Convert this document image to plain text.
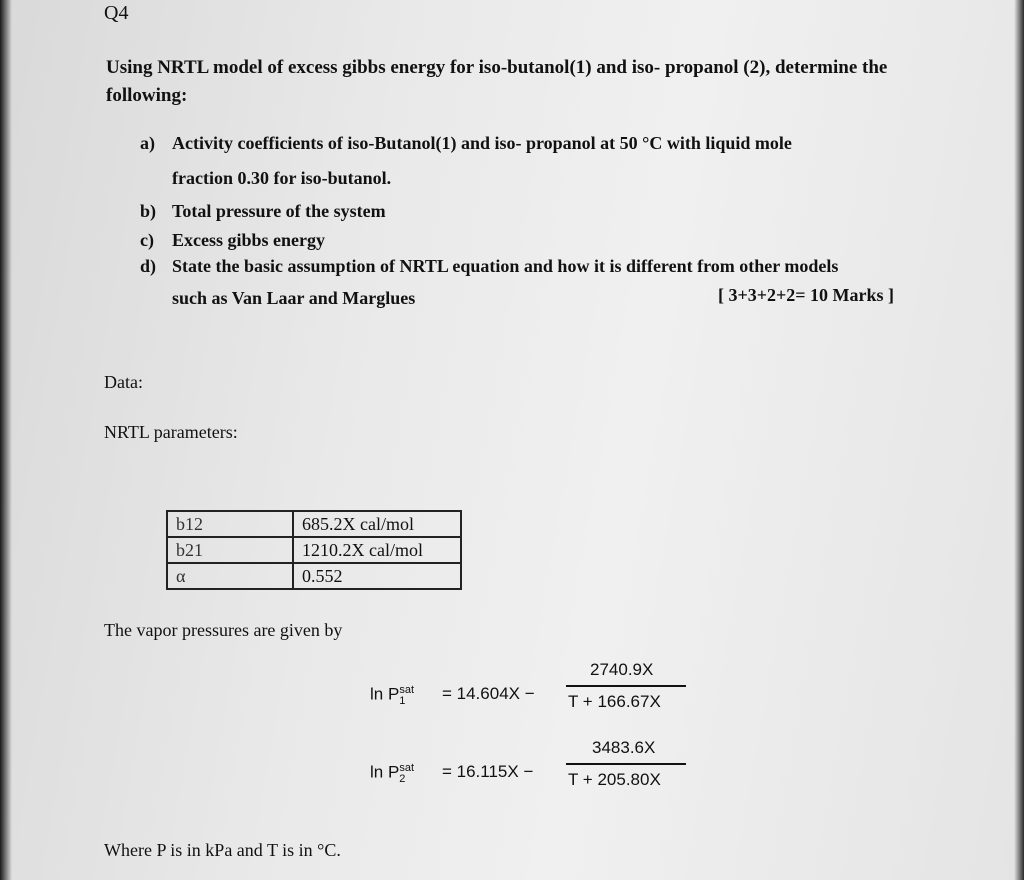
Q4
Using NRTL model of excess gibbs energy for iso-butanol(1) and iso- propanol (2), determine the following:
a) Activity coefficients of iso-Butanol(1) and iso- propanol at 50 °C with liquid mole
fraction 0.30 for iso-butanol.
b) Total pressure of the system
c) Excess gibbs energy
d) State the basic assumption of NRTL equation and how it is different from other models
such as Van Laar and Marglues	[ 3+3+2+2= 10 Marks ]
Data:
NRTL parameters:
b12	685.2X cal/mol
b21	1210.2X cal/mol
α	0.552
The vapor pressures are given by
$\ln P_1^{sat} = 14.604X$ −
2740.9X
T + 166.67X
$\ln P_2^{sat} = 16.115X$ −
3483.6X
T + 205.80X
Where P is in kPa and T is in °C.
